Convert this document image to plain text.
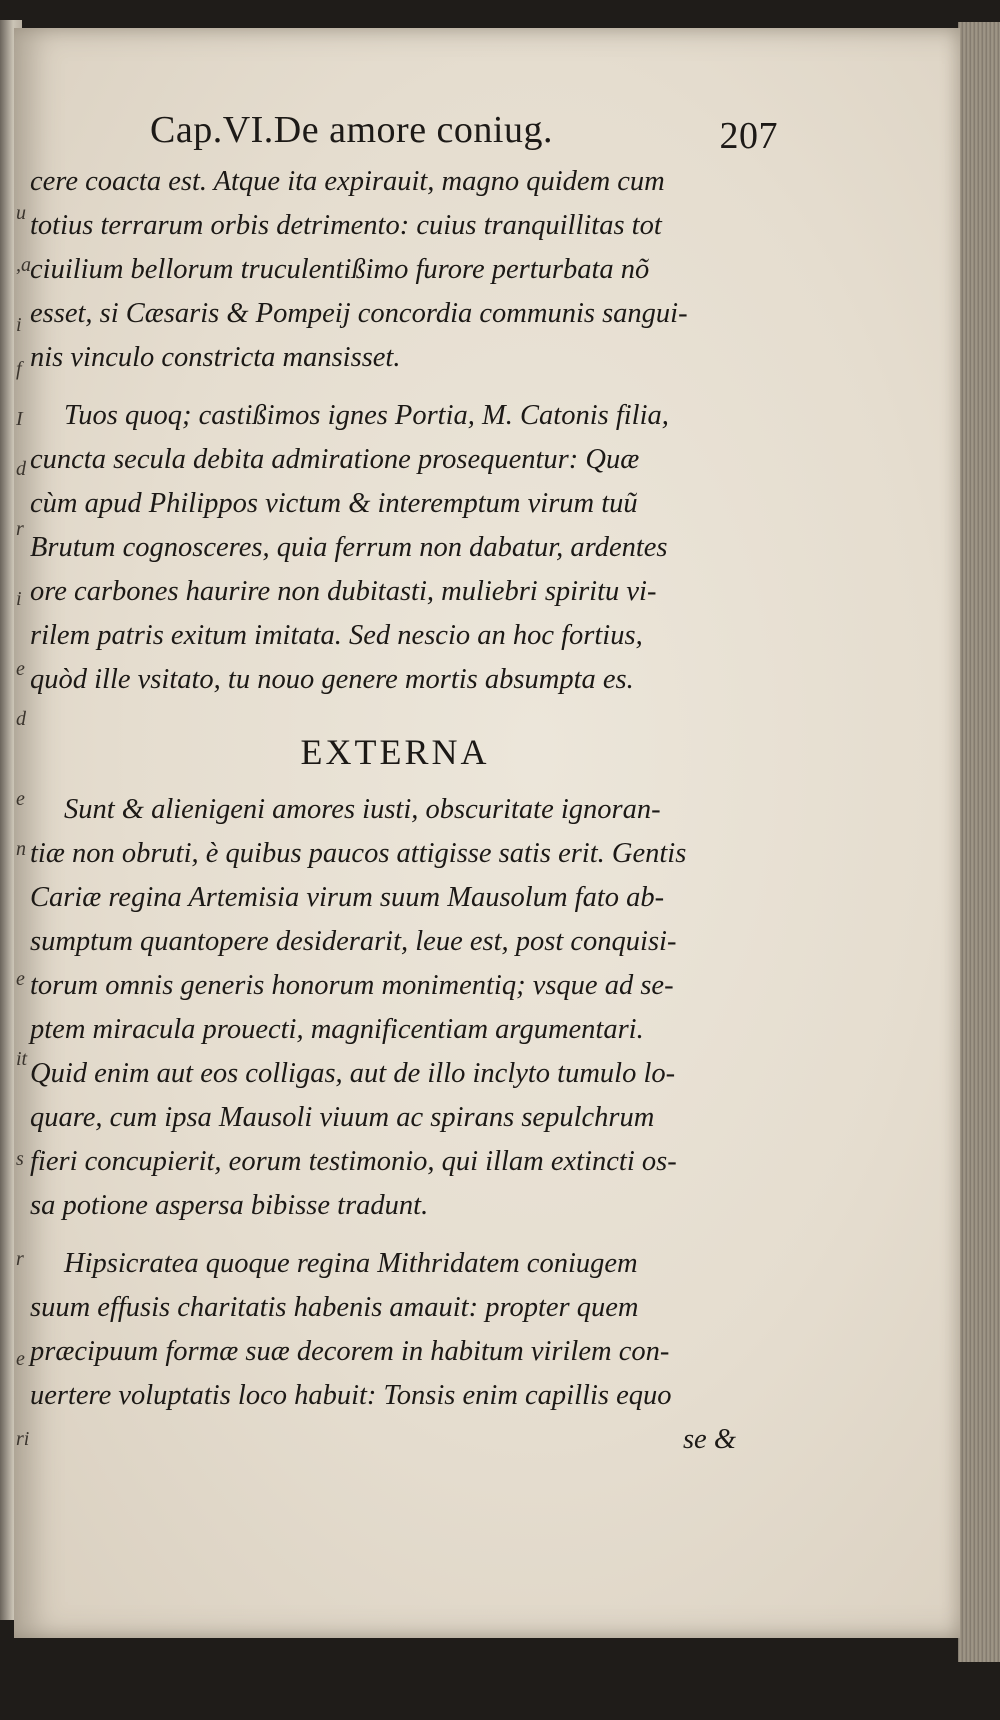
u
,a
i
f
I
d
r
i
e
d
e
n
e
it
s
r
e
ri
Cap.VI.De amore coniug.	207
cere coacta est. Atque ita expirauit, magno quidem cum
totius terrarum orbis detrimento: cuius tranquillitas tot
ciuilium bellorum truculentißimo furore perturbata nõ
esset, si Cæsaris & Pompeij concordia communis sangui-
nis vinculo constricta mansisset.
Tuos quoq; castißimos ignes Portia, M. Catonis filia,
cuncta secula debita admiratione prosequentur: Quæ
cùm apud Philippos victum & interemptum virum tuũ
Brutum cognosceres, quia ferrum non dabatur, ardentes
ore carbones haurire non dubitasti, muliebri spiritu vi-
rilem patris exitum imitata. Sed nescio an hoc fortius,
quòd ille vsitato, tu nouo genere mortis absumpta es.
EXTERNA
Sunt & alienigeni amores iusti, obscuritate ignoran-
tiæ non obruti, è quibus paucos attigisse satis erit. Gentis
Cariæ regina Artemisia virum suum Mausolum fato ab-
sumptum quantopere desiderarit, leue est, post conquisi-
torum omnis generis honorum monimentiq; vsque ad se-
ptem miracula prouecti, magnificentiam argumentari.
Quid enim aut eos colligas, aut de illo inclyto tumulo lo-
quare, cum ipsa Mausoli viuum ac spirans sepulchrum
fieri concupierit, eorum testimonio, qui illam extincti os-
sa potione aspersa bibisse tradunt.
Hipsicratea quoque regina Mithridatem coniugem
suum effusis charitatis habenis amauit: propter quem
præcipuum formæ suæ decorem in habitum virilem con-
uertere voluptatis loco habuit: Tonsis enim capillis equo
se &
